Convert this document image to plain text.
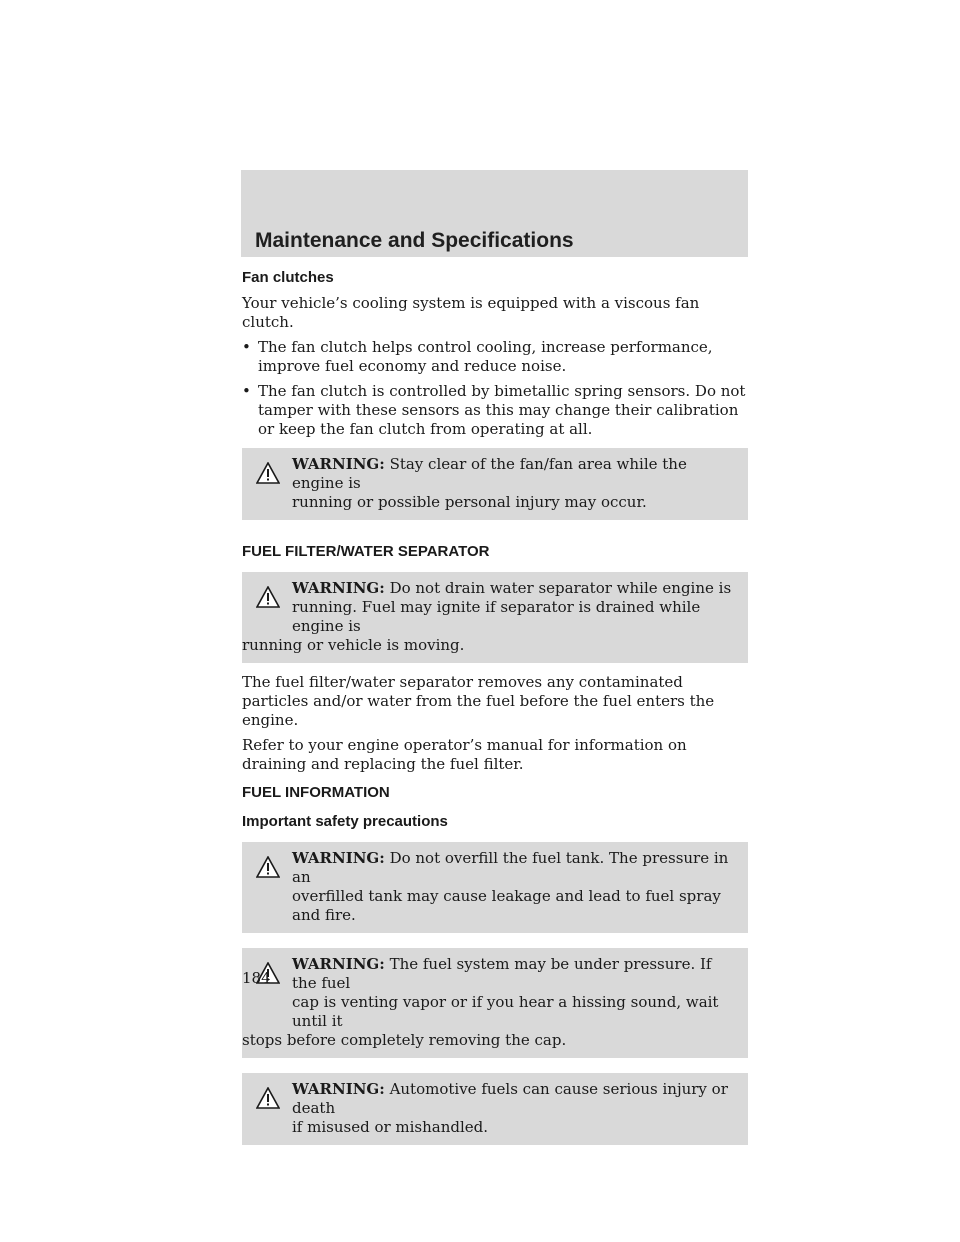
Maintenance and Specifications
Fan clutches

Your vehicle’s cooling system is equipped with a viscous fan clutch.

• The fan clutch helps control cooling, increase performance, improve fuel economy and reduce noise.
• The fan clutch is controlled by bimetallic spring sensors. Do not tamper with these sensors as this may change their calibration or keep the fan clutch from operating at all.
WARNING: Stay clear of the fan/fan area while the engine is
running or possible personal injury may occur.
FUEL FILTER/WATER SEPARATOR
WARNING: Do not drain water separator while engine is
running. Fuel may ignite if separator is drained while engine is
running or vehicle is moving.

The fuel filter/water separator removes any contaminated particles and/or water from the fuel before the fuel enters the engine.

Refer to your engine operator’s manual for information on draining and replacing the fuel filter.

FUEL INFORMATION
Important safety precautions
WARNING: Do not overfill the fuel tank. The pressure in an
overfilled tank may cause leakage and lead to fuel spray and fire.
WARNING: The fuel system may be under pressure. If the fuel
cap is venting vapor or if you hear a hissing sound, wait until it
stops before completely removing the cap.
WARNING: Automotive fuels can cause serious injury or death
if misused or mishandled.
184
